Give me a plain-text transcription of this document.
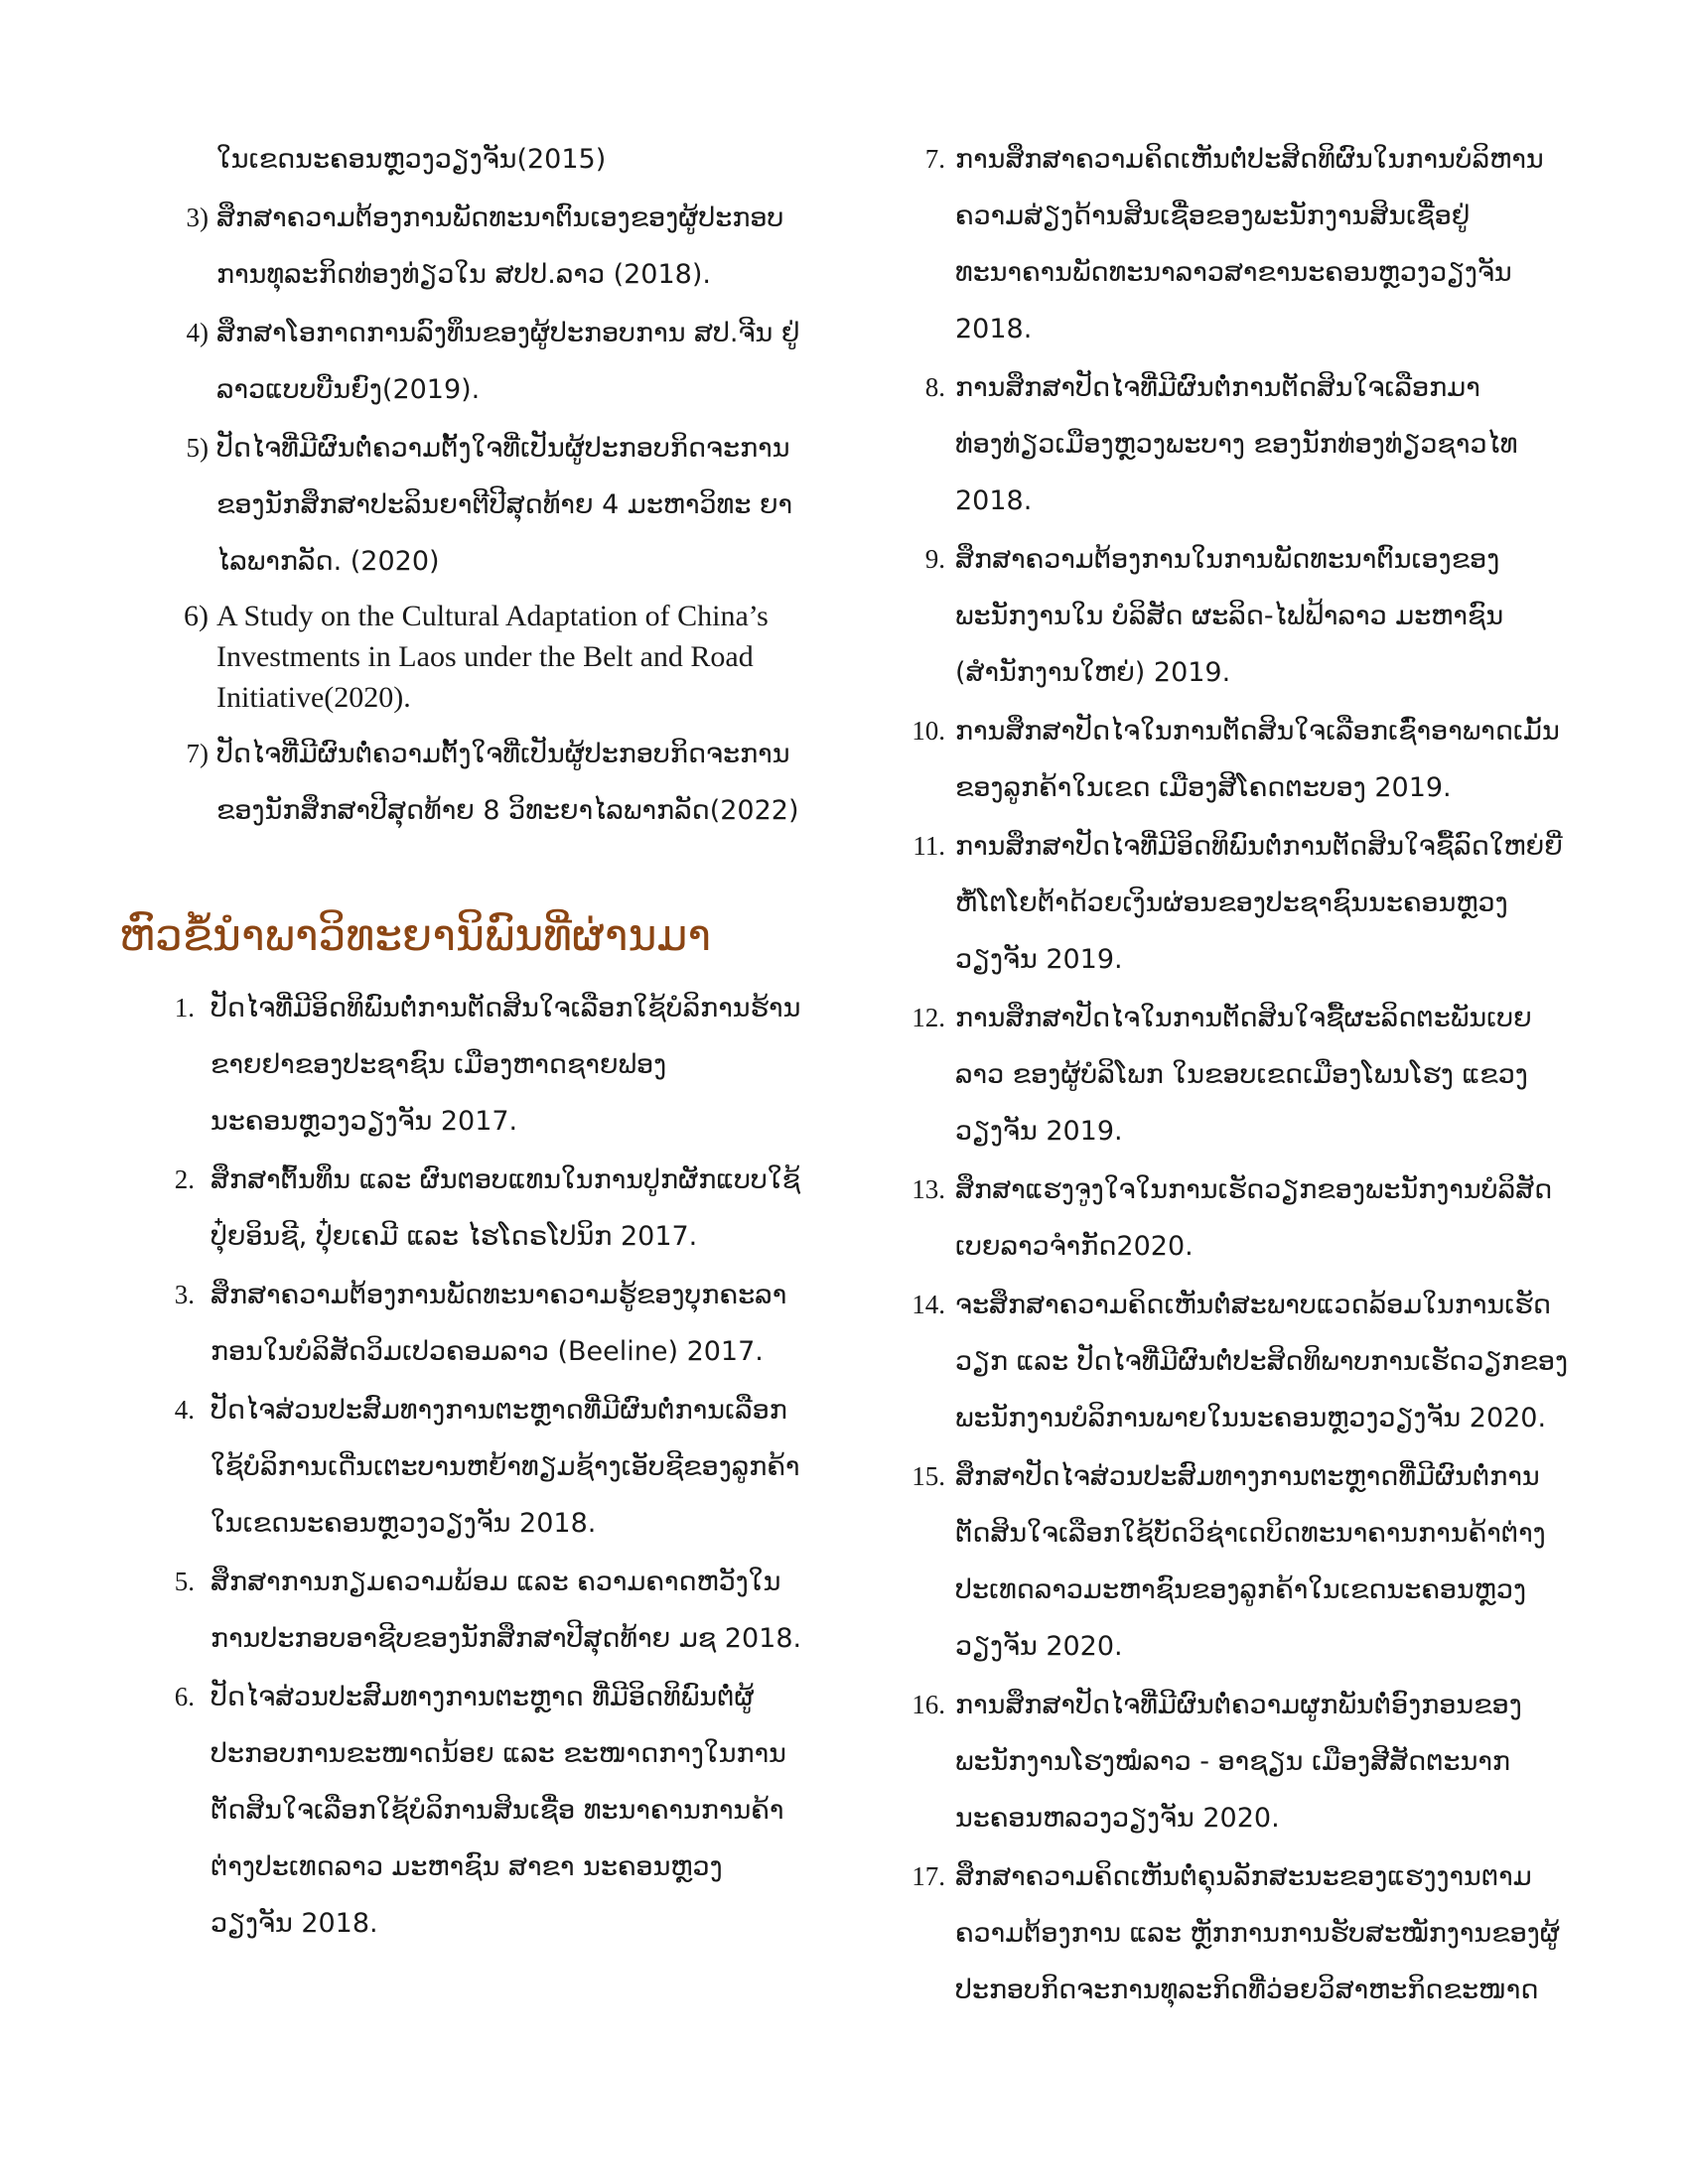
ໃນເຂດນະຄອນຫຼວງວຽງຈັນ(2015)
3) ສຶກສາຄວາມຕ້ອງການພັດທະນາຕົນເອງຂອງຜູ້ປະກອບການທຸລະກິດທ່ອງທ່ຽວໃນ ສປປ.ລາວ (2018).
4) ສຶກສາໂອກາດການລົງທຶນຂອງຜູ້ປະກອບການ ສປ.ຈີນ ຢູ່ລາວແບບບືນຍົງ(2019).
5) ປັດໄຈທີ່ມີຜົນຕໍ່ຄວາມຕັ້ງໃຈທີ່ເປັນຜູ້ປະກອບກິດຈະການຂອງນັກສຶກສາປະລິນຍາຕີປີສຸດທ້າຍ 4 ມະຫາວິທະ ຍາໄລພາກລັດ. (2020)
6) A Study on the Cultural Adaptation of China’s Investments in Laos under the Belt and Road Initiative(2020).
7) ປັດໄຈທີ່ມີຜົນຕໍ່ຄວາມຕັ້ງໃຈທີ່ເປັນຜູ້ປະກອບກິດຈະການຂອງນັກສຶກສາປີສຸດທ້າຍ 8 ວິທະຍາໄລພາກລັດ(2022)
ຫົວຂໍ້ນຳພາວິທະຍານິພົນທີ່ຜ່ານມາ
1. ປັດໄຈທີ່ມີອິດທິພົນຕໍ່ການຕັດສິນໃຈເລືອກໃຊ້ບໍລິການຮ້ານຂາຍຢາຂອງປະຊາຊົນ ເມືອງຫາດຊາຍຟອງນະຄອນຫຼວງວຽງຈັນ 2017.
2. ສຶກສາຕົ້ນທຶນ ແລະ ຜົນຕອບແທນໃນການປູກຜັກແບບໃຊ້ປຸ໋ຍອິນຊີ, ປຸ໋ຍເຄມີ ແລະ ໄຮໂດຣໂປນິກ 2017.
3. ສຶກສາຄວາມຕ້ອງການພັດທະນາຄວາມຮູ້ຂອງບຸກຄະລາກອນໃນບໍລິສັດວິມເປວຄອມລາວ (Beeline) 2017.
4. ປັດໄຈສ່ວນປະສົມທາງການຕະຫຼາດທີ່ມີຜົນຕໍ່ການເລືອກໃຊ້ບໍລິການເດີ່ນເຕະບານຫຍ້າທຽມຊ້າງເອັບຊີຂອງລູກຄ້າໃນເຂດນະຄອນຫຼວງວຽງຈັນ 2018.
5. ສຶກສາການກຽມຄວາມພ້ອມ ແລະ ຄວາມຄາດຫວັງໃນການປະກອບອາຊີບຂອງນັກສຶກສາປີສຸດທ້າຍ ມຊ 2018.
6. ປັດໄຈສ່ວນປະສົມທາງການຕະຫຼາດ ທີ່ມີອິດທິພົນຕໍ່ຜູ້ປະກອບການຂະໜາດນ້ອຍ ແລະ ຂະໜາດກາງໃນການຕັດສິນໃຈເລືອກໃຊ້ບໍລິການສິນເຊື່ອ ທະນາຄານການຄ້າຕ່າງປະເທດລາວ ມະຫາຊົນ ສາຂາ ນະຄອນຫຼວງວຽງຈັນ 2018.
7. ການສຶກສາຄວາມຄິດເຫັນຕໍ່ປະສິດທິຜົນໃນການບໍລິຫານຄວາມສ່ຽງດ້ານສິນເຊື່ອຂອງພະນັກງານສິນເຊື່ອຢູ່ ທະນາຄານພັດທະນາລາວສາຂານະຄອນຫຼວງວຽງຈັນ 2018.
8. ການສຶກສາປັດໄຈທີ່ມີຜົນຕໍ່ການຕັດສິນໃຈເລືອກມາທ່ອງທ່ຽວເມືອງຫຼວງພະບາງ ຂອງນັກທ່ອງທ່ຽວຊາວໄທ 2018.
9. ສຶກສາຄວາມຕ້ອງການໃນການພັດທະນາຕົນເອງຂອງພະນັກງານໃນ ບໍລິສັດ ຜະລິດ-ໄຟຟ້າລາວ ມະຫາຊົນ (ສຳນັກງານໃຫຍ່) 2019.
10. ການສຶກສາປັດໄຈໃນການຕັດສິນໃຈເລືອກເຊົ່າອາພາດເມັ້ນ ຂອງລູກຄ້າໃນເຂດ ເມືອງສີໂຄດຕະບອງ 2019.
11. ການສຶກສາປັດໄຈທີ່ມີອິດທິພົນຕໍ່ການຕັດສິນໃຈຊື້ລົດໃຫຍ່ຍີ່ຫໍ້ໂຕໂຍຕ້າດ້ວຍເງິນຜ່ອນຂອງປະຊາຊົນນະຄອນຫຼວງວຽງຈັນ 2019.
12. ການສຶກສາປັດໄຈໃນການຕັດສິນໃຈຊື້ຜະລິດຕະພັນເບຍລາວ ຂອງຜູ້ບໍລິໂພກ ໃນຂອບເຂດເມືອງໂພນໂຮງ ແຂວງວຽງຈັນ 2019.
13. ສຶກສາແຮງຈູງໃຈໃນການເຮັດວຽກຂອງພະນັກງານບໍລິສັດເບຍລາວຈຳກັດ2020.
14. ຈະສຶກສາຄວາມຄິດເຫັນຕໍ່ສະພາບແວດລ້ອມໃນການເຮັດວຽກ ແລະ ປັດໄຈທີ່ມີຜົນຕໍ່ປະສິດທິພາບການເຮັດວຽກຂອງພະນັກງານບໍລິການພາຍໃນນະຄອນຫຼວງວຽງຈັນ 2020.
15. ສຶກສາປັດໄຈສ່ວນປະສົມທາງການຕະຫຼາດທີ່ມີຜົນຕໍ່ການຕັດສິນໃຈເລືອກໃຊ້ບັດວິຊ່າເດບິດທະນາຄານການຄ້າຕ່າງປະເທດລາວມະຫາຊົນຂອງລູກຄ້າໃນເຂດນະຄອນຫຼວງວຽງຈັນ 2020.
16. ການສຶກສາປັດໄຈທີ່ມີຜົນຕໍ່ຄວາມຜູກພັນຕໍ່ອົງກອນຂອງພະນັກງານໂຮງໝໍລາວ - ອາຊຽນ ເມືອງສີສັດຕະນາກນະຄອນຫລວງວຽງຈັນ 2020.
17. ສຶກສາຄວາມຄິດເຫັນຕໍ່ຄຸນລັກສະນະຂອງແຮງງານຕາມຄວາມຕ້ອງການ ແລະ ຫຼັກການການຮັບສະໝັກງານຂອງຜູ້ປະກອບກິດຈະການທຸລະກິດທີ່ວ່ອຍວິສາຫະກິດຂະໜາດ
